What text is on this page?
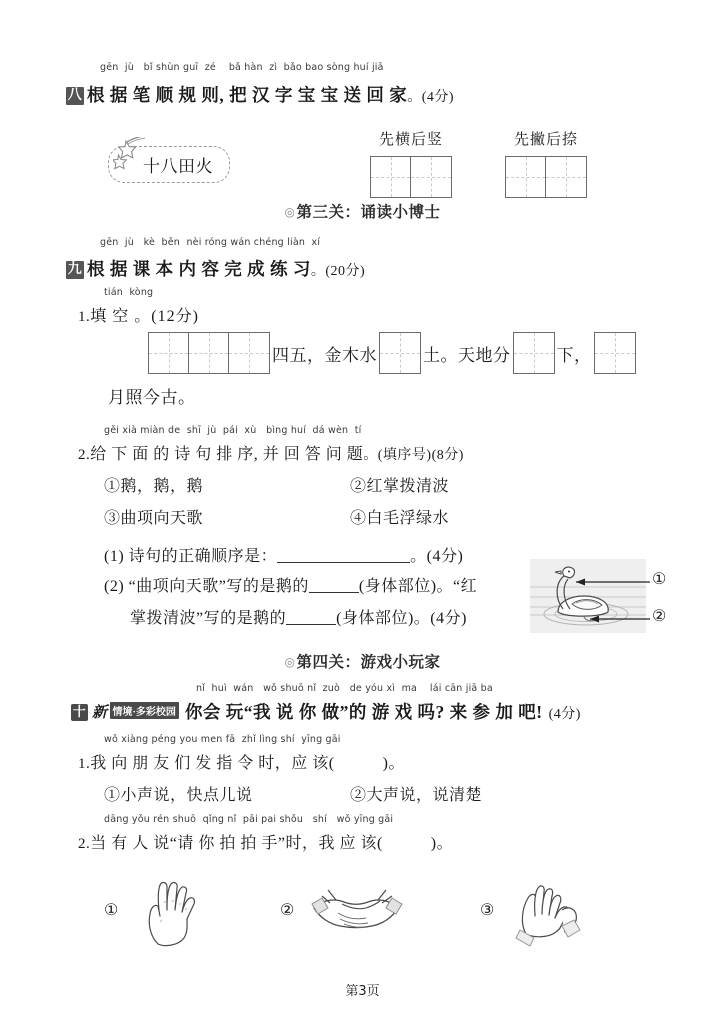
gēn  jù   bǐ shùn guī  zé    bǎ hàn  zì  bǎo bao sòng huí jiā
八 根 据 笔 顺 规 则, 把 汉 字 宝 宝 送 回 家。(4分)
十八田火
先横后竖	先撇后捺
◎第三关：诵读小博士
gēn  jù   kè  běn  nèi róng wán chéng liàn  xí
九 根 据 课 本 内 容 完 成 练 习。(20分)
tián  kòng
1.填 空 。(12分)
四五，金木水	土。天地分	下，
月照今古。
gěi xià miàn de  shī  jù  pái  xù   bìng huí  dá wèn  tí
2.给 下 面 的 诗 句 排 序, 并 回 答 问 题。(填序号)(8分)
①鹅，鹅，鹅	②红掌拨清波
③曲项向天歌	④白毛浮绿水
(1) 诗句的正确顺序是：	。(4分)
(2) “曲项向天歌”写的是鹅的	(身体部位)。“红
掌拨清波”写的是鹅的	(身体部位)。(4分)
①
②
◎第四关：游戏小玩家
nǐ  huì  wán   wǒ shuō nǐ  zuò   de yóu xì  ma    lái cān jiā ba
十 新 情境·多彩校园 你会 玩“我 说 你 做”的 游 戏 吗? 来 参 加 吧! (4分)
wǒ xiàng péng you men fā  zhǐ lìng shí  yīng gāi
1.我 向 朋 友 们 发 指 令 时，应 该(	)。
①小声说，快点儿说	②大声说，说清楚
dāng yǒu rén shuō  qǐng nǐ  pāi pai shǒu   shí   wǒ yīng gāi
2.当 有 人 说“请 你 拍 拍 手”时，我 应 该(	)。
①	②	③
第3页
